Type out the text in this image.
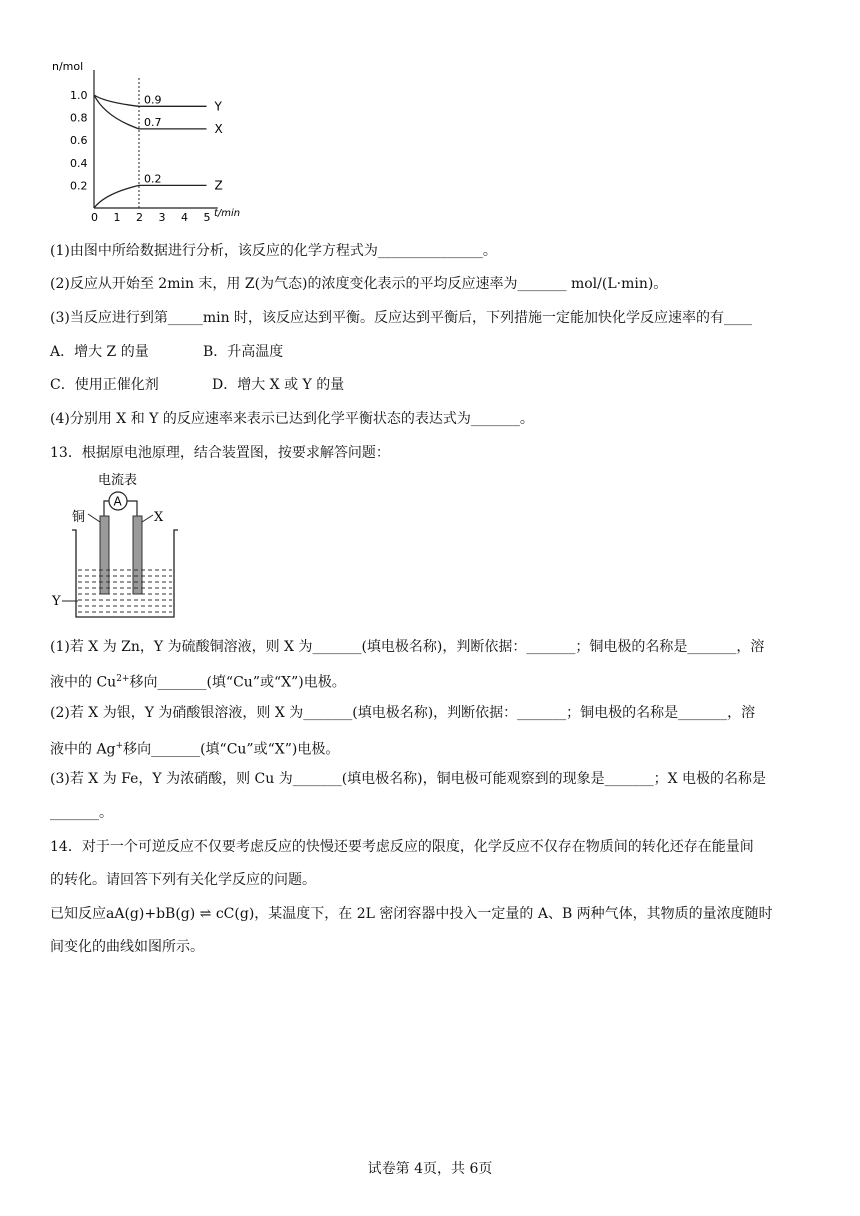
n/mol
t/min
0 1 2 3 4 5
0.2
0.4
0.6
0.8
1.0	0.9	Y
0.7	X
0.2	Z
(1)由图中所给数据进行分析，该反应的化学方程式为_______________。
(2)反应从开始至 2min 末，用 Z(为气态)的浓度变化表示的平均反应速率为_______ mol/(L·min)。
(3)当反应进行到第_____min 时，该反应达到平衡。反应达到平衡后，下列措施一定能加快化学反应速率的有____
A．增大 Z 的量	B．升高温度
C．使用正催化剂	D．增大 X 或 Y 的量
(4)分别用 X 和 Y 的反应速率来表示已达到化学平衡状态的表达式为_______。
13．根据原电池原理，结合装置图，按要求解答问题：
电流表
A
铜	X
Y
(1)若 X 为 Zn，Y 为硫酸铜溶液，则 X 为_______(填电极名称)，判断依据：_______；铜电极的名称是_______，溶
液中的 $Cu^{2+}$移向_______(填“Cu”或“X”)电极。
(2)若 X 为银，Y 为硝酸银溶液，则 X 为_______(填电极名称)，判断依据：_______；铜电极的名称是_______，溶
液中的 Ag+移向_______(填“Cu”或“X”)电极。
(3)若 X 为 Fe，Y 为浓硝酸，则 Cu 为_______(填电极名称)，铜电极可能观察到的现象是_______；X 电极的名称是
_______。
14．对于一个可逆反应不仅要考虑反应的快慢还要考虑反应的限度，化学反应不仅存在物质间的转化还存在能量间
的转化。请回答下列有关化学反应的问题。
已知反应aA(g)+bB(g) ⇌ cC(g)，某温度下，在 2L 密闭容器中投入一定量的 A、B 两种气体，其物质的量浓度随时
间变化的曲线如图所示。
试卷第 4页，共 6页
